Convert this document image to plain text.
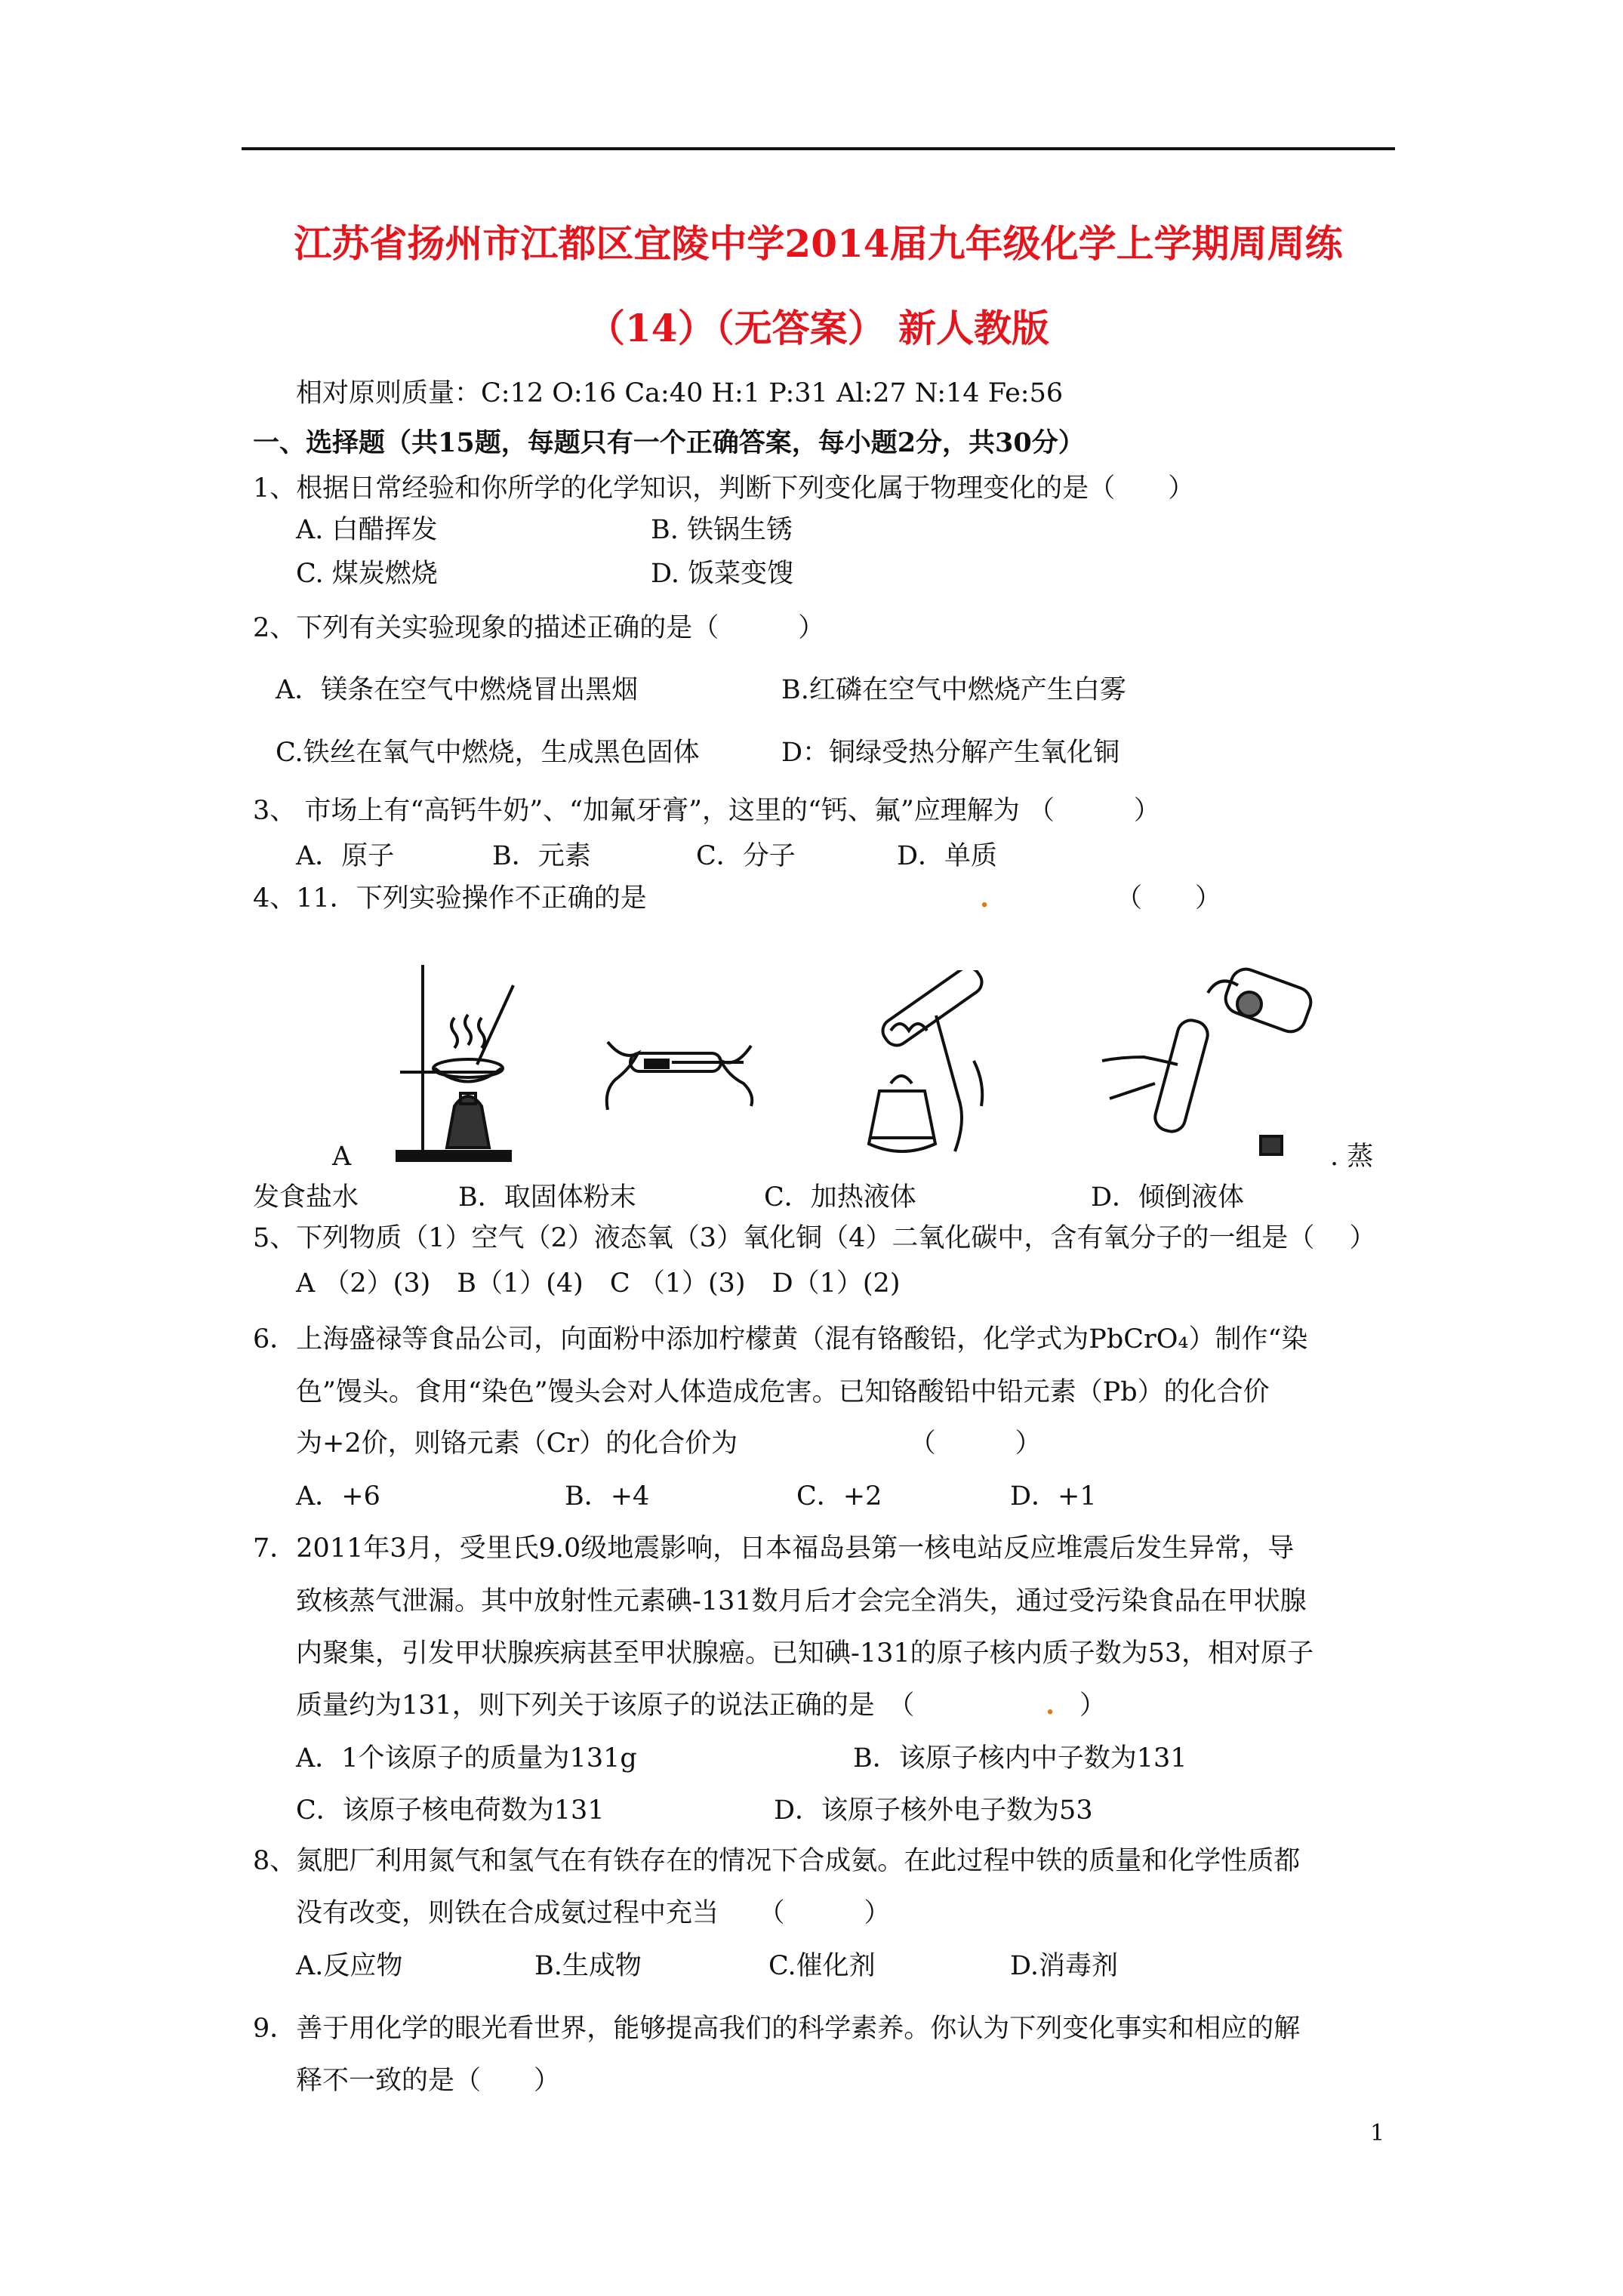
江苏省扬州市江都区宜陵中学2014届九年级化学上学期周周练
（14）（无答案） 新人教版
相对原则质量：C:12 O:16 Ca:40 H:1 P:31 Al:27 N:14 Fe:56
一、选择题（共15题，每题只有一个正确答案，每小题2分，共30分）
1、根据日常经验和你所学的化学知识，判断下列变化属于物理变化的是（　　）
A. 白醋挥发	B. 铁锅生锈
C. 煤炭燃烧	D. 饭菜变馊
2、下列有关实验现象的描述正确的是（　　　）
A．镁条在空气中燃烧冒出黑烟	B.红磷在空气中燃烧产生白雾
C.铁丝在氧气中燃烧，生成黑色固体	D：铜绿受热分解产生氧化铜
3、 市场上有“高钙牛奶”、“加氟牙膏”，这里的“钙、氟”应理解为 （　　　）
A．原子	B．元素	C．分子	D．单质
4、11．下列实验操作不正确的是	.	（　　）
A	. 蒸
发食盐水	B．取固体粉末	C．加热液体	D．倾倒液体
5、下列物质（1）空气（2）液态氧（3）氧化铜（4）二氧化碳中，含有氧分子的一组是（　 ）
A （2）(3)　B（1）(4)　C （1）(3)　D（1）(2)
6．上海盛禄等食品公司，向面粉中添加柠檬黄（混有铬酸铅，化学式为PbCrO₄）制作“染
色”馒头。食用“染色”馒头会对人体造成危害。已知铬酸铅中铅元素（Pb）的化合价
为+2价，则铬元素（Cr）的化合价为　　　　　　　（　　　）
A．+6	B．+4	C．+2	D．+1
7．2011年3月，受里氏9.0级地震影响，日本福岛县第一核电站反应堆震后发生异常，导
致核蒸气泄漏。其中放射性元素碘-131数月后才会完全消失，通过受污染食品在甲状腺
内聚集，引发甲状腺疾病甚至甲状腺癌。已知碘-131的原子核内质子数为53，相对原子
质量约为131，则下列关于该原子的说法正确的是　（	. ）
A．1个该原子的质量为131g	B．该原子核内中子数为131
C．该原子核电荷数为131	D．该原子核外电子数为53
8、氮肥厂利用氮气和氢气在有铁存在的情况下合成氨。在此过程中铁的质量和化学性质都
没有改变，则铁在合成氨过程中充当　　（　　　）
A.反应物	B.生成物	C.催化剂	D.消毒剂
9．善于用化学的眼光看世界，能够提高我们的科学素养。你认为下列变化事实和相应的解
释不一致的是（　　）
1
